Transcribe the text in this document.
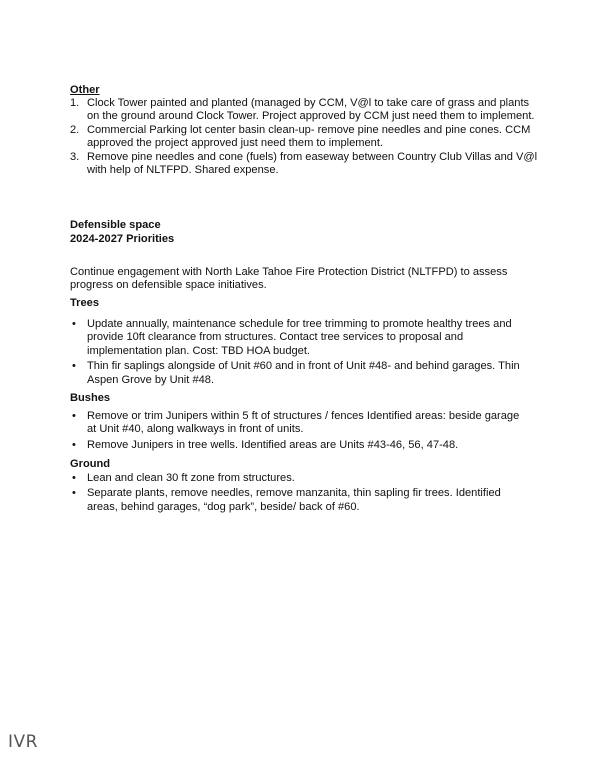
Other
1. Clock Tower painted and planted (managed by CCM, V@l to take care of grass and plants on the ground around Clock Tower. Project approved by CCM just need them to implement.
2. Commercial Parking lot center basin clean-up- remove pine needles and pine cones. CCM approved the project approved just need them to implement.
3. Remove pine needles and cone (fuels) from easeway between Country Club Villas and V@l with help of NLTFPD. Shared expense.
Defensible space
2024-2027 Priorities
Continue engagement with North Lake Tahoe Fire Protection District (NLTFPD) to assess progress on defensible space initiatives.
Trees
• Update annually, maintenance schedule for tree trimming to promote healthy trees and provide 10ft clearance from structures. Contact tree services to proposal and implementation plan. Cost: TBD HOA budget.
• Thin fir saplings alongside of Unit #60 and in front of Unit #48- and behind garages. Thin Aspen Grove by Unit #48.
Bushes
• Remove or trim Junipers within 5 ft of structures / fences Identified areas: beside garage at Unit #40, along walkways in front of units.
• Remove Junipers in tree wells. Identified areas are Units #43-46, 56, 47-48.
Ground
• Lean and clean 30 ft zone from structures.
• Separate plants, remove needles, remove manzanita, thin sapling fir trees. Identified areas, behind garages, “dog park”, beside/ back of #60.
IVR
